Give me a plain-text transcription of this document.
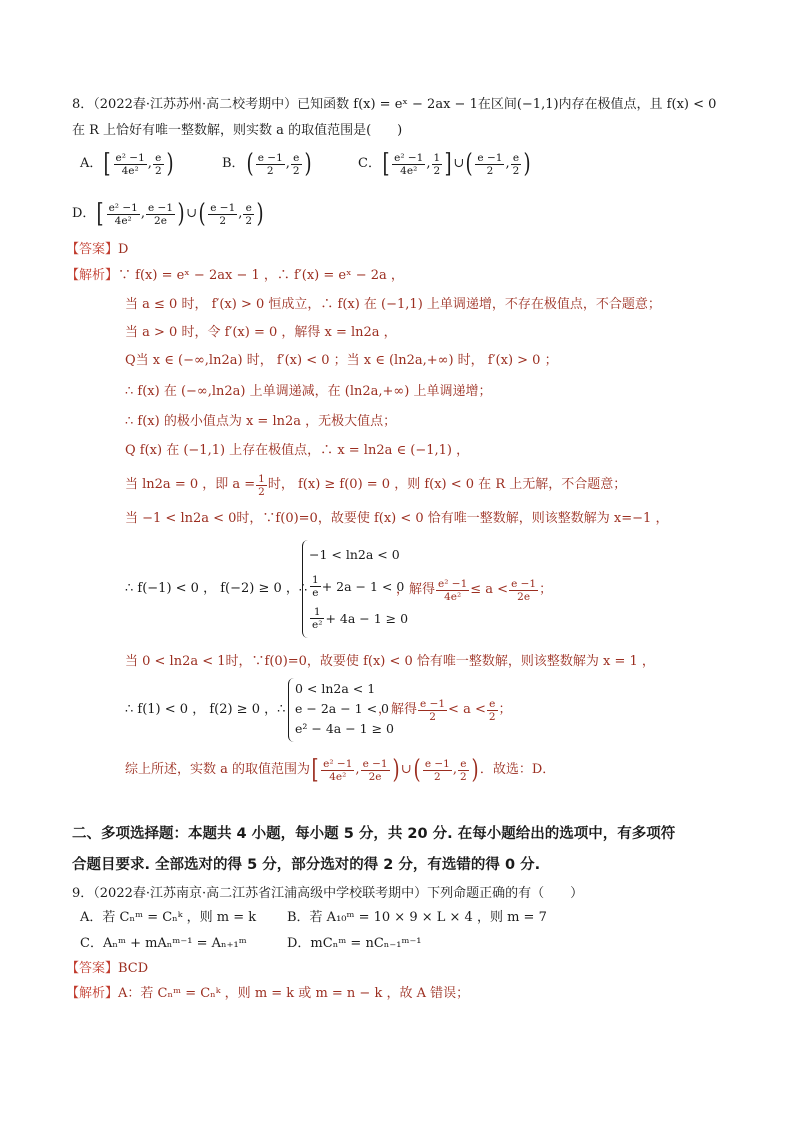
8．（2022春·江苏苏州·高二校考期中）已知函数 f(x) = eˣ − 2ax − 1在区间(−1,1)内存在极值点，且 f(x) < 0
在 R 上恰好有唯一整数解，则实数 a 的取值范围是(　　)
A． [ $\frac{\text{e² −1}}{\text{4e²}}$ , $\frac{e}{2}$ )	B． ( $\frac{e -1}{2}$ , $\frac{e}{2}$ )	C． [ $\frac{\text{e² −1}}{\text{4e²}}$ , $\frac{1}{2}$ ] ∪ ( $\frac{e -1}{2}$ , $\frac{e}{2}$ )
D． [ $\frac{\text{e² −1}}{\text{4e²}}$ , $\frac{e -1}{2e}$ ) ∪ ( $\frac{e -1}{2}$ , $\frac{e}{2}$ )
【答案】D
【解析】∵ f(x) = eˣ − 2ax − 1 ，∴ f′(x) = eˣ − 2a ，
当 a ≤ 0 时， f′(x) > 0 恒成立，∴ f(x) 在 (−1,1) 上单调递增，不存在极值点，不合题意；
当 a > 0 时，令 f′(x) = 0 ，解得 x = ln2a ，
Q当 x ∈ (−∞,ln2a) 时， f′(x) < 0 ；当 x ∈ (ln2a,+∞) 时， f′(x) > 0 ；
∴ f(x) 在 (−∞,ln2a) 上单调递减，在 (ln2a,+∞) 上单调递增；
∴ f(x) 的极小值点为 x = ln2a ，无极大值点；
Q f(x) 在 (−1,1) 上存在极值点，∴ x = ln2a ∈ (−1,1) ，
当 ln2a = 0 ，即 $a = \frac{1}{2}$ 时， f(x) ≥ f(0) = 0 ，则 f(x) < 0 在 R 上无解，不合题意；
当 −1 < ln2a < 0时，∵f(0)=0，故要使 f(x) < 0 恰有唯一整数解，则该整数解为 x=−1 ，
∴ f(−1) < 0 ， f(−2) ≥ 0 ，∴
−1 < ln2a < 0
$\frac{1}{e} + 2a - 1 < 0$
$\frac{1}{\text{e²}} + 4a - 1 \ge 0$
，解得 $\frac{\text{e² −1}}{\text{4e²}} \le a < \frac{e -1}{2e}$ ；
当 0 < ln2a < 1时，∵f(0)=0，故要使 f(x) < 0 恰有唯一整数解，则该整数解为 x = 1 ，
∴ f(1) < 0 ， f(2) ≥ 0 ，∴
0 < ln2a < 1
e − 2a − 1 < 0
e² − 4a − 1 ≥ 0
，解得 $\frac{e -1}{2} < a < \frac{e}{2}$ ；
综上所述，实数 a 的取值范围为 [ $\frac{\text{e² −1}}{\text{4e²}}$ , $\frac{e -1}{2e}$ ) ∪ ( $\frac{e -1}{2}$ , $\frac{e}{2}$ ) ．故选：D．
二、多项选择题：本题共 4 小题，每小题 5 分，共 20 分. 在每小题给出的选项中，有多项符
合题目要求. 全部选对的得 5 分，部分选对的得 2 分，有选错的得 0 分.
9．（2022春·江苏南京·高二江苏省江浦高级中学校联考期中）下列命题正确的有（　　）
A．若 Cₙᵐ = Cₙᵏ ，则 m = k B．若 A₁₀ᵐ = 10 × 9 × L × 4 ，则 m = 7
C．Aₙᵐ + mAₙᵐ⁻¹ = Aₙ₊₁ᵐ	D．mCₙᵐ = nCₙ₋₁ᵐ⁻¹
【答案】BCD
【解析】A：若 Cₙᵐ = Cₙᵏ ，则 m = k 或 m = n − k ，故 A 错误；
